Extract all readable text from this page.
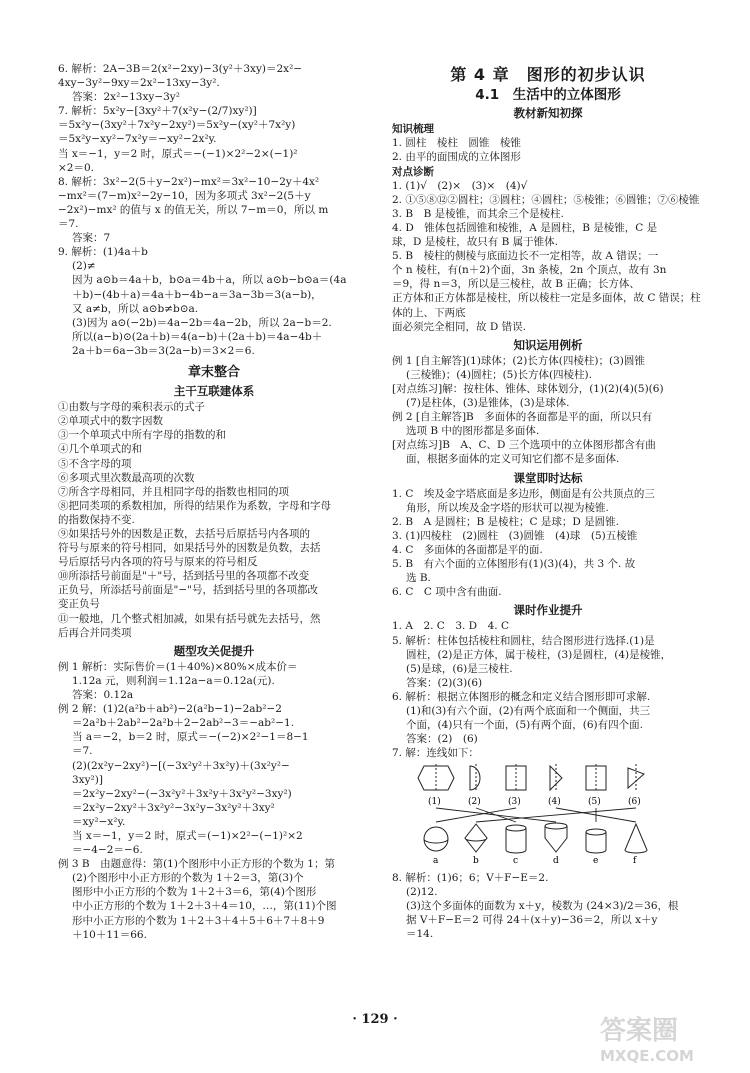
6. 解析：2A−3B＝2(x²−2xy)−3(y²＋3xy)＝2x²−
4xy−3y²−9xy＝2x²−13xy−3y².
答案：2x²−13xy−3y²
7. 解析：5x²y−[3xy²＋7(x²y−(2/7)xy²)]
＝5x²y−(3xy²＋7x²y−2xy²)＝5x²y−(xy²＋7x²y)
＝5x²y−xy²−7x²y＝−xy²−2x²y.
当 x＝−1，y＝2 时，原式＝−(−1)×2²−2×(−1)²
×2＝0.
8. 解析：3x²−2(5＋y−2x²)−mx²＝3x²−10−2y＋4x²
−mx²＝(7−m)x²−2y−10，因为多项式 3x²−2(5＋y
−2x²)−mx² 的值与 x 的值无关，所以 7−m＝0，所以 m
＝7.
答案：7
9. 解析：(1)4a＋b
(2)≠
因为 a⊙b＝4a＋b，b⊙a＝4b＋a，所以 a⊙b−b⊙a＝(4a
＋b)−(4b＋a)＝4a＋b−4b−a＝3a−3b＝3(a−b)，
又 a≠b，所以 a⊙b≠b⊙a.
(3)因为 a⊙(−2b)＝4a−2b＝4a−2b，所以 2a−b＝2.
所以(a−b)⊙(2a＋b)＝4(a−b)＋(2a＋b)＝4a−4b＋
2a＋b＝6a−3b＝3(2a−b)＝3×2＝6.
章末整合
主干互联建体系
①由数与字母的乘积表示的式子
②单项式中的数字因数
③一个单项式中所有字母的指数的和
④几个单项式的和
⑤不含字母的项
⑥多项式里次数最高项的次数
⑦所含字母相同，并且相同字母的指数也相同的项
⑧把同类项的系数相加，所得的结果作为系数，字母和字母
的指数保持不变.
⑨如果括号外的因数是正数，去括号后原括号内各项的
符号与原来的符号相同，如果括号外的因数是负数，去括
号后原括号内各项的符号与原来的符号相反
⑩所添括号前面是"＋"号，括到括号里的各项都不改变
正负号，所添括号前面是"−"号，括到括号里的各项都改
变正负号
⑪一般地，几个整式相加减，如果有括号就先去括号，然
后再合并同类项
题型攻关促提升
例 1 解析：实际售价＝(1＋40%)×80%×成本价＝
1.12a 元，则利润＝1.12a−a＝0.12a(元).
答案：0.12a
例 2 解：(1)2(a²b＋ab²)−2(a²b−1)−2ab²−2
＝2a²b＋2ab²−2a²b＋2−2ab²−3＝−ab²−1.
当 a＝−2，b＝2 时，原式＝−(−2)×2²−1＝8−1
＝7.
(2)(2x²y−2xy²)−[(−3x²y²＋3x²y)＋(3x²y²−
3xy²)]
＝2x²y−2xy²−(−3x²y²＋3x²y＋3x²y²−3xy²)
＝2x²y−2xy²＋3x²y²−3x²y−3x²y²＋3xy²
＝xy²−x²y.
当 x＝−1，y＝2 时，原式＝(−1)×2²−(−1)²×2
＝−4−2＝−6.
例 3 B　由题意得：第(1)个图形中小正方形的个数为 1；第
(2)个图形中小正方形的个数为 1＋2＝3，第(3)个
图形中小正方形的个数为 1＋2＋3＝6，第(4)个图形
中小正方形的个数为 1＋2＋3＋4＝10，…，第(11)个图
形中小正方形的个数为 1＋2＋3＋4＋5＋6＋7＋8＋9
＋10＋11＝66.
第 4 章　图形的初步认识
4.1　生活中的立体图形
教材新知初探
知识梳理
1. 圆柱　棱柱　圆锥　棱锥
2. 由平的面围成的立体图形
对点诊断
1. (1)√　(2)×　(3)×　(4)√
2. ①⑤⑧⑫②圆柱；③圆柱；④圆柱；⑤棱锥；⑥圆锥；⑦⑥棱锥
3. B　B 是棱锥，而其余三个是棱柱.
4. D　锥体包括圆锥和棱锥，A 是圆柱，B 是棱锥，C 是
球，D 是棱柱，故只有 B 属于锥体.
5. B　棱柱的侧棱与底面边长不一定相等，故 A 错误；一
个 n 棱柱，有(n＋2)个面，3n 条棱，2n 个顶点，故有 3n
＝9，得 n＝3，所以是三棱柱，故 B 正确；长方体、
正方体和正方体都是棱柱，所以棱柱一定是多面体，故 C 错误；柱体的上、下两底
面必须完全相同，故 D 错误.
知识运用例析
例 1 [自主解答](1)球体；(2)长方体(四棱柱)；(3)圆锥
(三棱锥)；(4)圆柱；(5)长方体(四棱柱).
[对点练习]解：按柱体、锥体、球体划分，(1)(2)(4)(5)(6)
(7)是柱体，(3)是锥体，(3)是球体.
例 2 [自主解答]B　多面体的各面都是平的面，所以只有
选项 B 中的图形都是多面体.
[对点练习]B　A、C、D 三个选项中的立体图形都含有曲
面，根据多面体的定义可知它们都不是多面体.
课堂即时达标
1. C　埃及金字塔底面是多边形，侧面是有公共顶点的三
角形，所以埃及金字塔的形状可以视为棱锥.
2. B　A 是圆柱；B 是棱柱；C 是球；D 是圆锥.
3. (1)四棱柱　(2)圆柱　(3)圆锥　(4)球　(5)五棱锥
4. C　多面体的各面都是平的面.
5. B　有六个面的立体图形有(1)(3)(4)，共 3 个. 故
选 B.
6. C　C 项中含有曲面.
课时作业提升
1. A　2. C　3. D　4. C
5. 解析：柱体包括棱柱和圆柱，结合图形进行选择.(1)是
圆柱，(2)是正方体，属于棱柱，(3)是圆柱，(4)是棱锥，
(5)是球，(6)是三棱柱.
答案：(2)(3)(6)
6. 解析：根据立体图形的概念和定义结合图形即可求解.
(1)和(3)有六个面，(2)有两个底面和一个侧面，共三
个面，(4)只有一个面，(5)有两个面，(6)有四个面.
答案：(2)　(6)
7. 解：连线如下：
(1)	(2)	(3)	(4)	(5)	(6)
a	b	c	d	e	f
8. 解析：(1)6；6；V＋F−E＝2.
(2)12.
(3)这个多面体的面数为 x＋y，棱数为 (24×3)/2＝36，根
据 V＋F−E＝2 可得 24＋(x＋y)−36＝2，所以 x＋y
＝14.
· 129 ·	答案圈
MXQE.COM
